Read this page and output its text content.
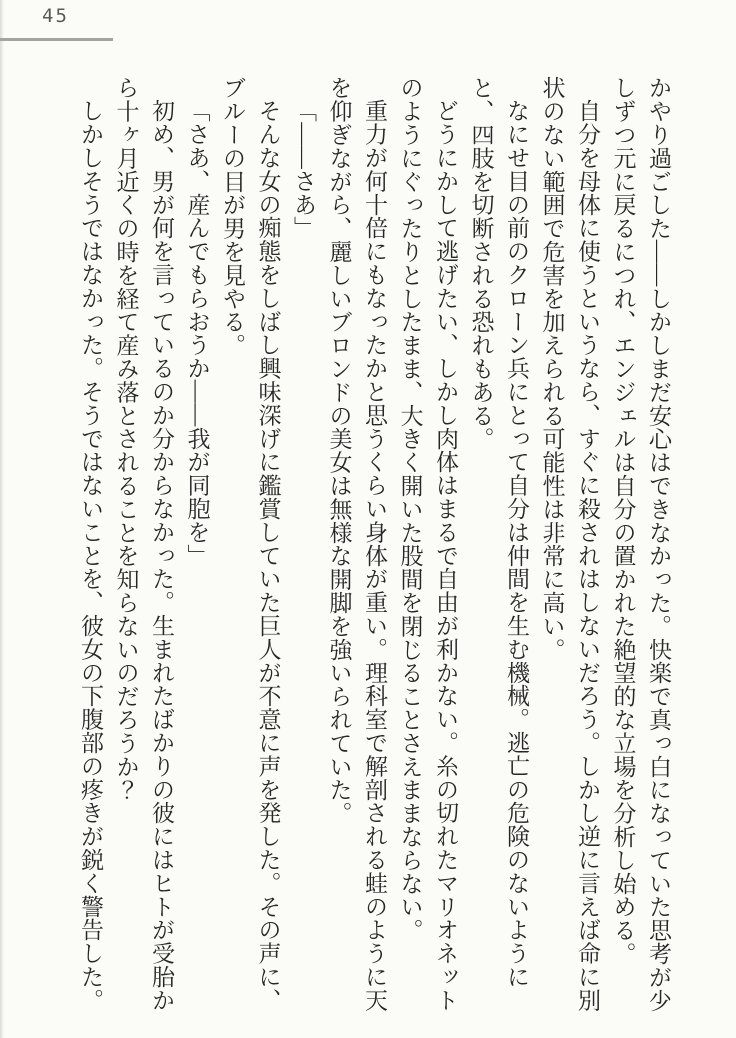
45

かやり過ごした――しかしまだ安心はできなかった。快楽で真っ白になっていた思考が少しずつ元に戻るにつれ、エンジェルは自分の置かれた絶望的な立場を分析し始める。

自分を母体に使うというなら、すぐに殺されはしないだろう。しかし逆に言えば命に別状のない範囲で危害を加えられる可能性は非常に高い。

なにせ目の前のクローン兵にとって自分は仲間を生む機械。逃亡の危険のないようにと、四肢を切断される恐れもある。

どうにかして逃げたい、しかし肉体はまるで自由が利かない。糸の切れたマリオネットのようにぐったりとしたまま、大きく開いた股間を閉じることさえままならない。

重力が何十倍にもなったかと思うくらい身体が重い。理科室で解剖される蛙のように天を仰ぎながら、麗しいブロンドの美女は無様な開脚を強いられていた。

「――さあ」

そんな女の痴態をしばし興味深げに鑑賞していた巨人が不意に声を発した。その声に、ブルーの目が男を見やる。

「さあ、産んでもらおうか――我が同胞を」

初め、男が何を言っているのか分からなかった。生まれたばかりの彼にはヒトが受胎から十ヶ月近くの時を経て産み落とされることを知らないのだろうか？

しかしそうではなかった。そうではないことを、彼女の下腹部の疼きが鋭く警告した。
